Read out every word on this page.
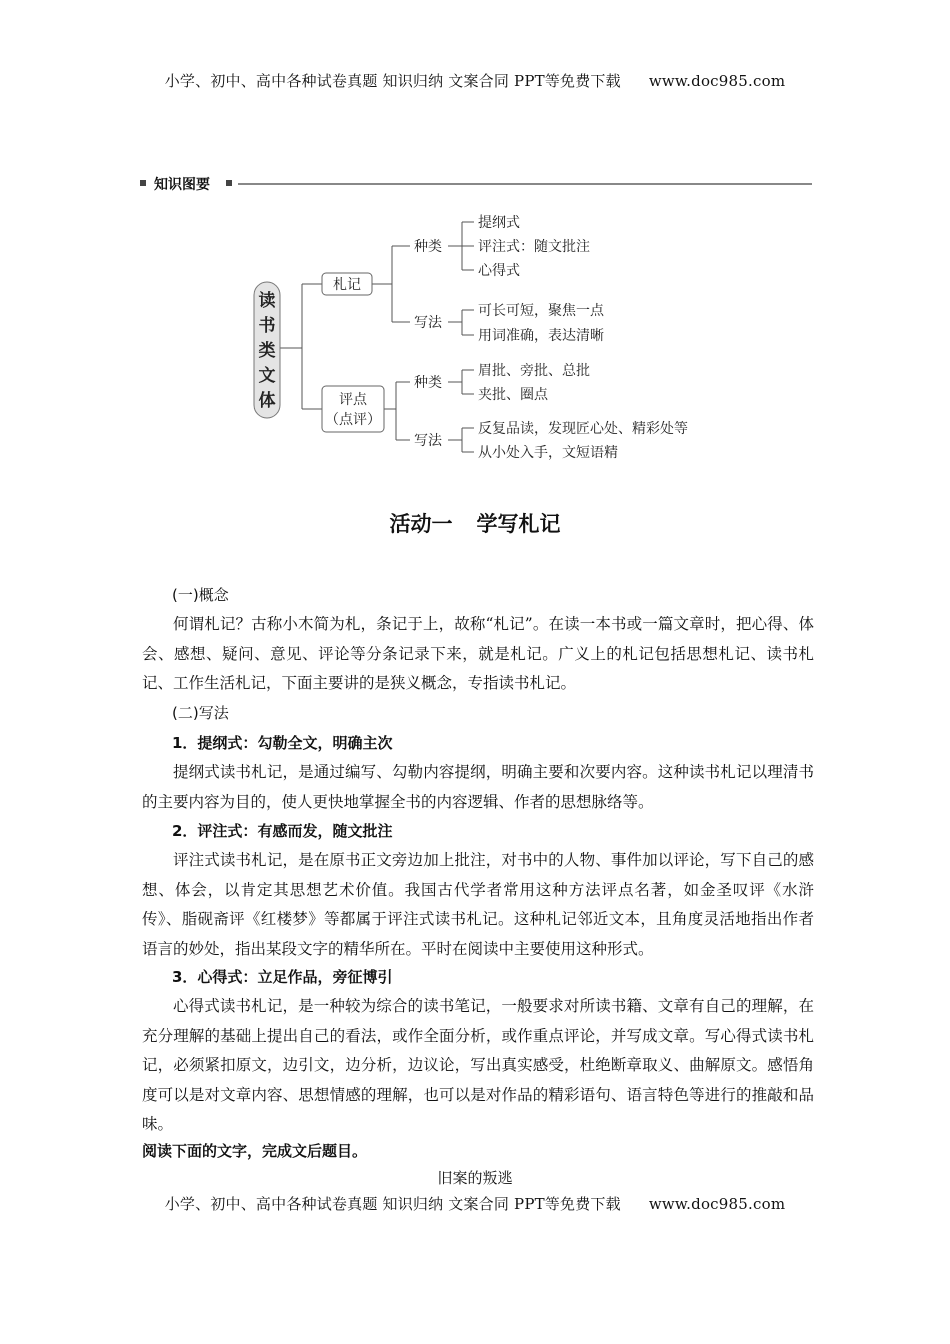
小学、初中、高中各种试卷真题 知识归纳 文案合同 PPT等免费下载 www.doc985.com
知识图要
读
书
类
文
体
札记
评点
（点评）
种类
写法
种类
写法
提纲式
评注式：随文批注
心得式
可长可短，聚焦一点
用词准确，表达清晰
眉批、旁批、总批
夹批、圈点
反复品读，发现匠心处、精彩处等
从小处入手，文短语精
活动一 学写札记
(一)概念
何谓札记？古称小木简为札，条记于上，故称“札记”。在读一本书或一篇文章时，把心得、体会、感想、疑问、意见、评论等分条记录下来，就是札记。广义上的札记包括思想札记、读书札记、工作生活札记，下面主要讲的是狭义概念，专指读书札记。
(二)写法
1．提纲式：勾勒全文，明确主次
提纲式读书札记，是通过编写、勾勒内容提纲，明确主要和次要内容。这种读书札记以理清书的主要内容为目的，使人更快地掌握全书的内容逻辑、作者的思想脉络等。
2．评注式：有感而发，随文批注
评注式读书札记，是在原书正文旁边加上批注，对书中的人物、事件加以评论，写下自己的感想、体会，以肯定其思想艺术价值。我国古代学者常用这种方法评点名著，如金圣叹评《水浒传》、脂砚斋评《红楼梦》等都属于评注式读书札记。这种札记邻近文本，且角度灵活地指出作者语言的妙处，指出某段文字的精华所在。平时在阅读中主要使用这种形式。
3．心得式：立足作品，旁征博引
心得式读书札记，是一种较为综合的读书笔记，一般要求对所读书籍、文章有自己的理解，在充分理解的基础上提出自己的看法，或作全面分析，或作重点评论，并写成文章。写心得式读书札记，必须紧扣原文，边引文，边分析，边议论，写出真实感受，杜绝断章取义、曲解原文。感悟角度可以是对文章内容、思想情感的理解，也可以是对作品的精彩语句、语言特色等进行的推敲和品味。
阅读下面的文字，完成文后题目。
旧案的叛逃
小学、初中、高中各种试卷真题 知识归纳 文案合同 PPT等免费下载 www.doc985.com
